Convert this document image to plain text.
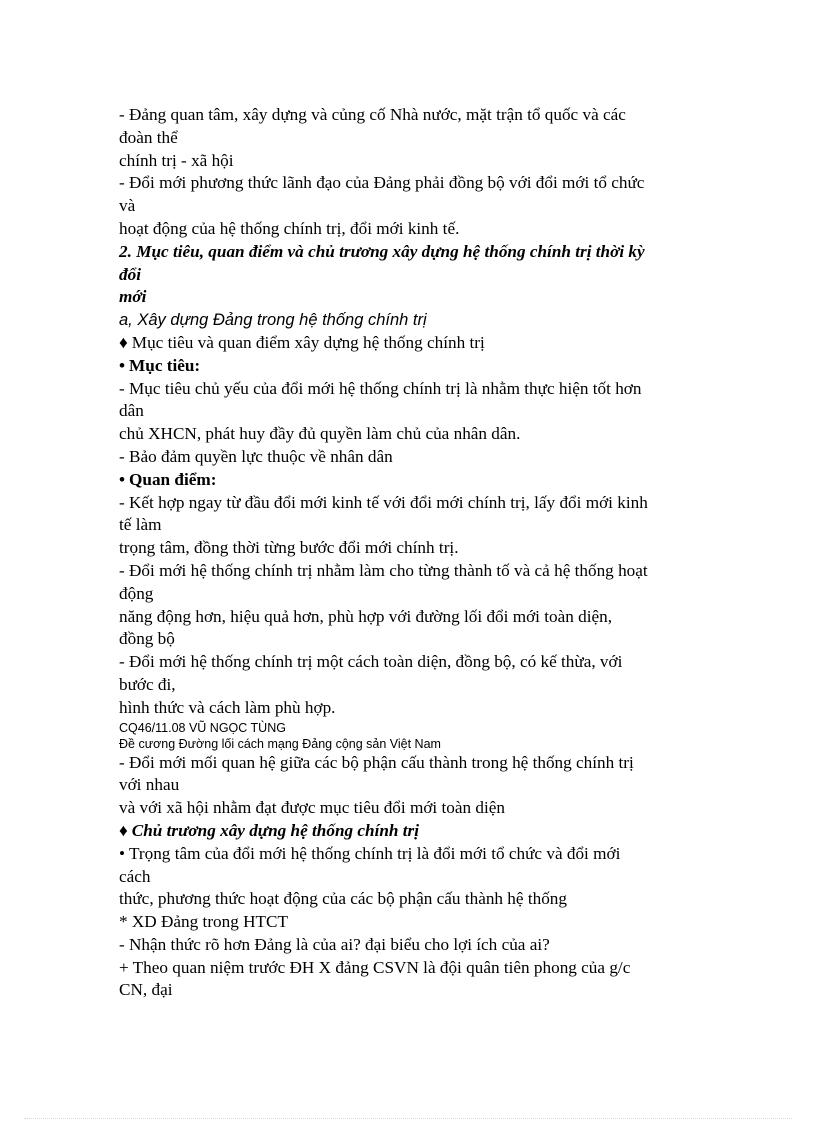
- Đảng quan tâm, xây dựng và củng cố Nhà nước, mặt trận tổ quốc và các
đoàn thể
chính trị - xã hội
- Đổi mới phương thức lãnh đạo của Đảng phải đồng bộ với đổi mới tổ chức
và
hoạt động của hệ thống chính trị, đổi mới kinh tế.
2. Mục tiêu, quan điểm và chủ trương xây dựng hệ thống chính trị thời kỳ
đổi
mới
a, Xây dựng Đảng trong hệ thống chính trị
♦ Mục tiêu và quan điểm xây dựng hệ thống chính trị
• Mục tiêu:
- Mục tiêu chủ yếu của đổi mới hệ thống chính trị là nhằm thực hiện tốt hơn
dân
chủ XHCN, phát huy đầy đủ quyền làm chủ của nhân dân.
- Bảo đảm quyền lực thuộc về nhân dân
• Quan điểm:
- Kết hợp ngay từ đầu đổi mới kinh tế với đổi mới chính trị, lấy đổi mới kinh
tế làm
trọng tâm, đồng thời từng bước đổi mới chính trị.
- Đổi mới hệ thống chính trị nhằm làm cho từng thành tố và cả hệ thống hoạt
động
năng động hơn, hiệu quả hơn, phù hợp với đường lối đổi mới toàn diện,
đồng bộ
- Đổi mới hệ thống chính trị một cách toàn diện, đồng bộ, có kế thừa, với
bước đi,
hình thức và cách làm phù hợp.
CQ46/11.08 VŨ NGỌC TÙNG
Đề cương Đường lối cách mạng Đảng cộng sản Việt Nam
- Đổi mới mối quan hệ giữa các bộ phận cấu thành trong hệ thống chính trị
với nhau
và với xã hội nhằm đạt được mục tiêu đổi mới toàn diện
♦ Chủ trương xây dựng hệ thống chính trị
• Trọng tâm của đổi mới hệ thống chính trị là đổi mới tổ chức và đổi mới
cách
thức, phương thức hoạt động của các bộ phận cấu thành hệ thống
* XD Đảng trong HTCT
- Nhận thức rõ hơn Đảng là của ai? đại biểu cho lợi ích của ai?
+ Theo quan niệm trước ĐH X đảng CSVN là đội quân tiên phong của g/c
CN, đại
